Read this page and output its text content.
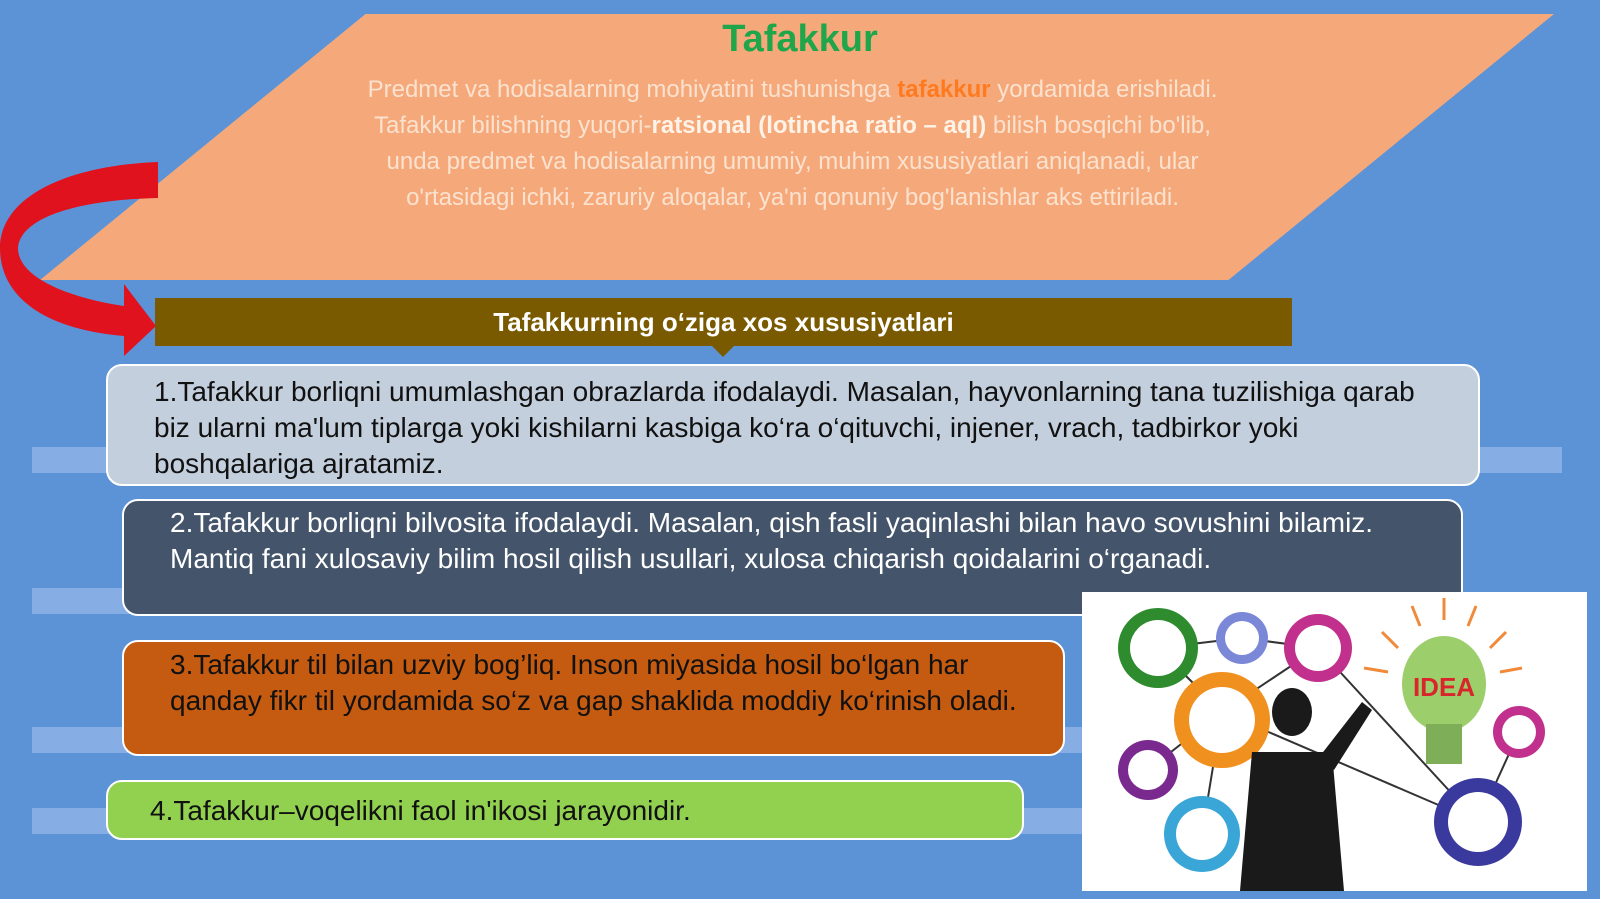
Tafakkur
Predmet va hodisalarning mohiyatini tushunishga tafakkur yordamida erishiladi. Tafakkur bilishning yuqori-ratsional (lotincha ratio – aql) bilish bosqichi bo'lib, unda predmet va hodisalarning umumiy, muhim xususiyatlari aniqlanadi, ular o'rtasidagi ichki, zaruriy aloqalar, ya'ni qonuniy bog'lanishlar aks ettiriladi.
Tafakkurning o‘ziga xos xususiyatlari
1.Tafakkur borliqni umumlashgan obrazlarda ifodalaydi. Masalan, hayvonlarning tana tuzilishiga qarab biz ularni ma'lum tiplarga yoki kishilarni kasbiga ko‘ra o‘qituvchi, injener, vrach, tadbirkor yoki boshqalariga ajratamiz.
2.Tafakkur borliqni bilvosita ifodalaydi. Masalan, qish fasli yaqinlashi bilan havo sovushini bilamiz. Mantiq fani xulosaviy bilim hosil qilish usullari, xulosa chiqarish qoidalarini o‘rganadi.
3.Tafakkur til bilan uzviy bog’liq. Inson miyasida hosil bo‘lgan har qanday fikr til yordamida so‘z va gap shaklida moddiy ko‘rinish oladi.
4.Tafakkur–voqelikni faol in'ikosi jarayonidir.
IDEA
